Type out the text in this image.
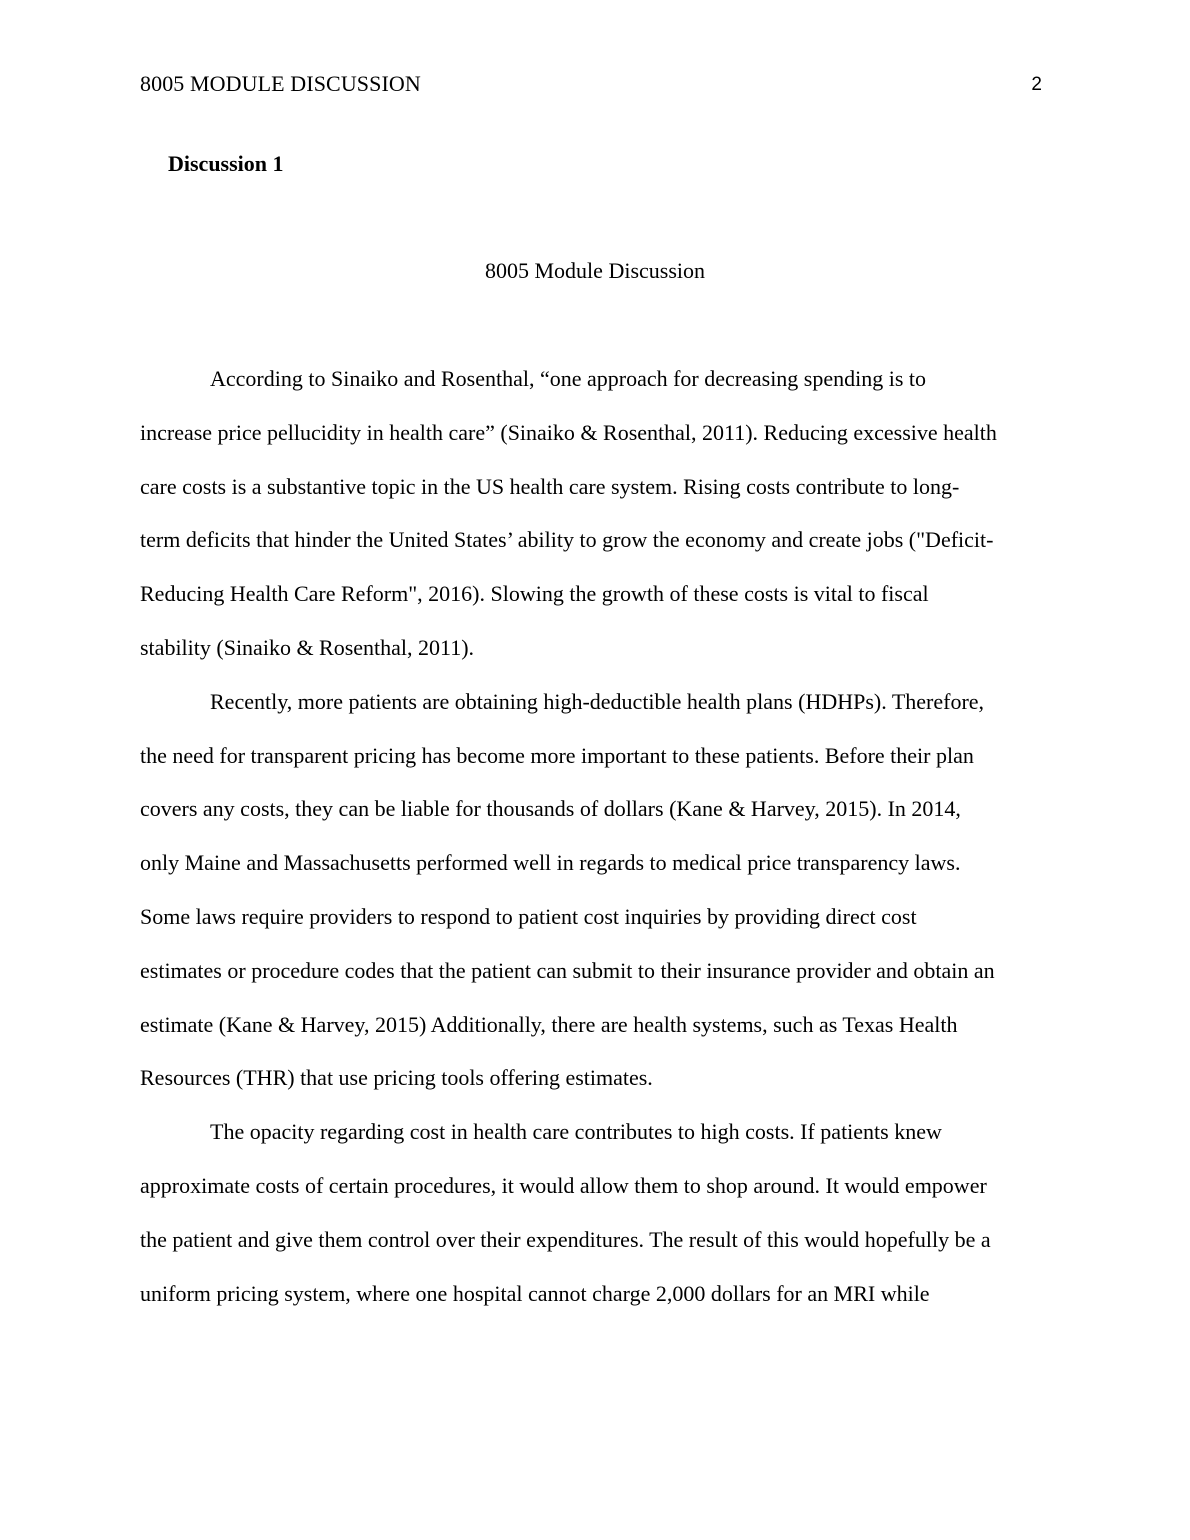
8005 MODULE DISCUSSION	2
Discussion 1
8005 Module Discussion

According to Sinaiko and Rosenthal, “one approach for decreasing spending is to
increase price pellucidity in health care” (Sinaiko & Rosenthal, 2011). Reducing excessive health
care costs is a substantive topic in the US health care system. Rising costs contribute to long-
term deficits that hinder the United States’ ability to grow the economy and create jobs ("Deficit-
Reducing Health Care Reform", 2016). Slowing the growth of these costs is vital to fiscal
stability (Sinaiko & Rosenthal, 2011).

Recently, more patients are obtaining high-deductible health plans (HDHPs). Therefore,
the need for transparent pricing has become more important to these patients. Before their plan
covers any costs, they can be liable for thousands of dollars (Kane & Harvey, 2015). In 2014,
only Maine and Massachusetts performed well in regards to medical price transparency laws.
Some laws require providers to respond to patient cost inquiries by providing direct cost
estimates or procedure codes that the patient can submit to their insurance provider and obtain an
estimate (Kane & Harvey, 2015) Additionally, there are health systems, such as Texas Health
Resources (THR) that use pricing tools offering estimates.

The opacity regarding cost in health care contributes to high costs. If patients knew
approximate costs of certain procedures, it would allow them to shop around. It would empower
the patient and give them control over their expenditures. The result of this would hopefully be a
uniform pricing system, where one hospital cannot charge 2,000 dollars for an MRI while
